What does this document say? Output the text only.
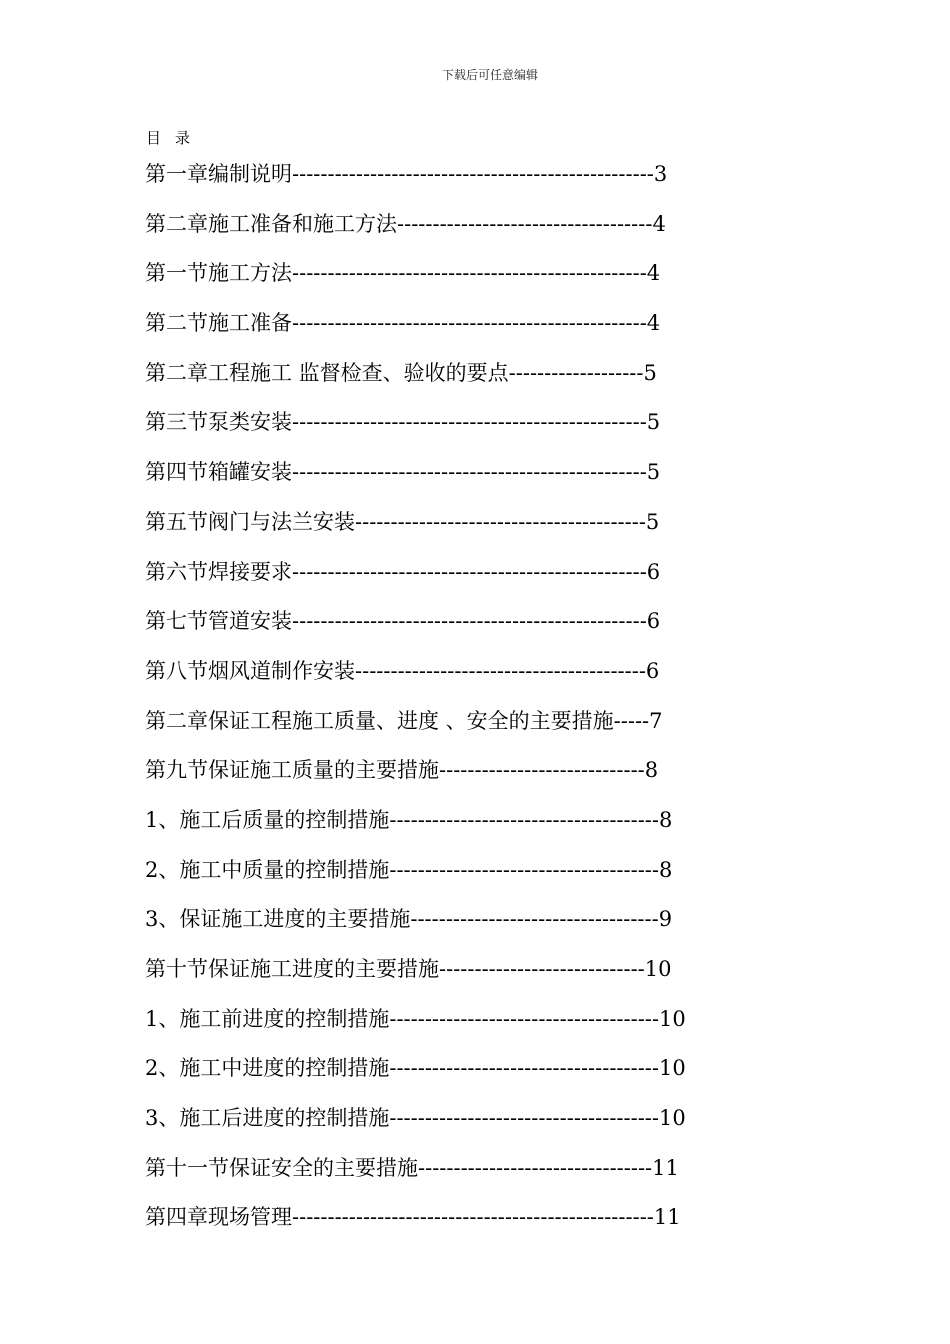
下载后可任意编辑
目录
第一章编制说明---------------------------------------------------3
第二章施工准备和施工方法------------------------------------4
第一节施工方法--------------------------------------------------4
第二节施工准备--------------------------------------------------4
第二章工程施工 监督检查、验收的要点-------------------5
第三节泵类安装--------------------------------------------------5
第四节箱罐安装--------------------------------------------------5
第五节阀门与法兰安装-----------------------------------------5
第六节焊接要求--------------------------------------------------6
第七节管道安装--------------------------------------------------6
第八节烟风道制作安装-----------------------------------------6
第二章保证工程施工质量、进度 、安全的主要措施-----7
第九节保证施工质量的主要措施-----------------------------8
1、施工后质量的控制措施--------------------------------------8
2、施工中质量的控制措施--------------------------------------8
3、保证施工进度的主要措施-----------------------------------9
第十节保证施工进度的主要措施-----------------------------10
1、施工前进度的控制措施--------------------------------------10
2、施工中进度的控制措施--------------------------------------10
3、施工后进度的控制措施--------------------------------------10
第十一节保证安全的主要措施---------------------------------11
第四章现场管理---------------------------------------------------11
